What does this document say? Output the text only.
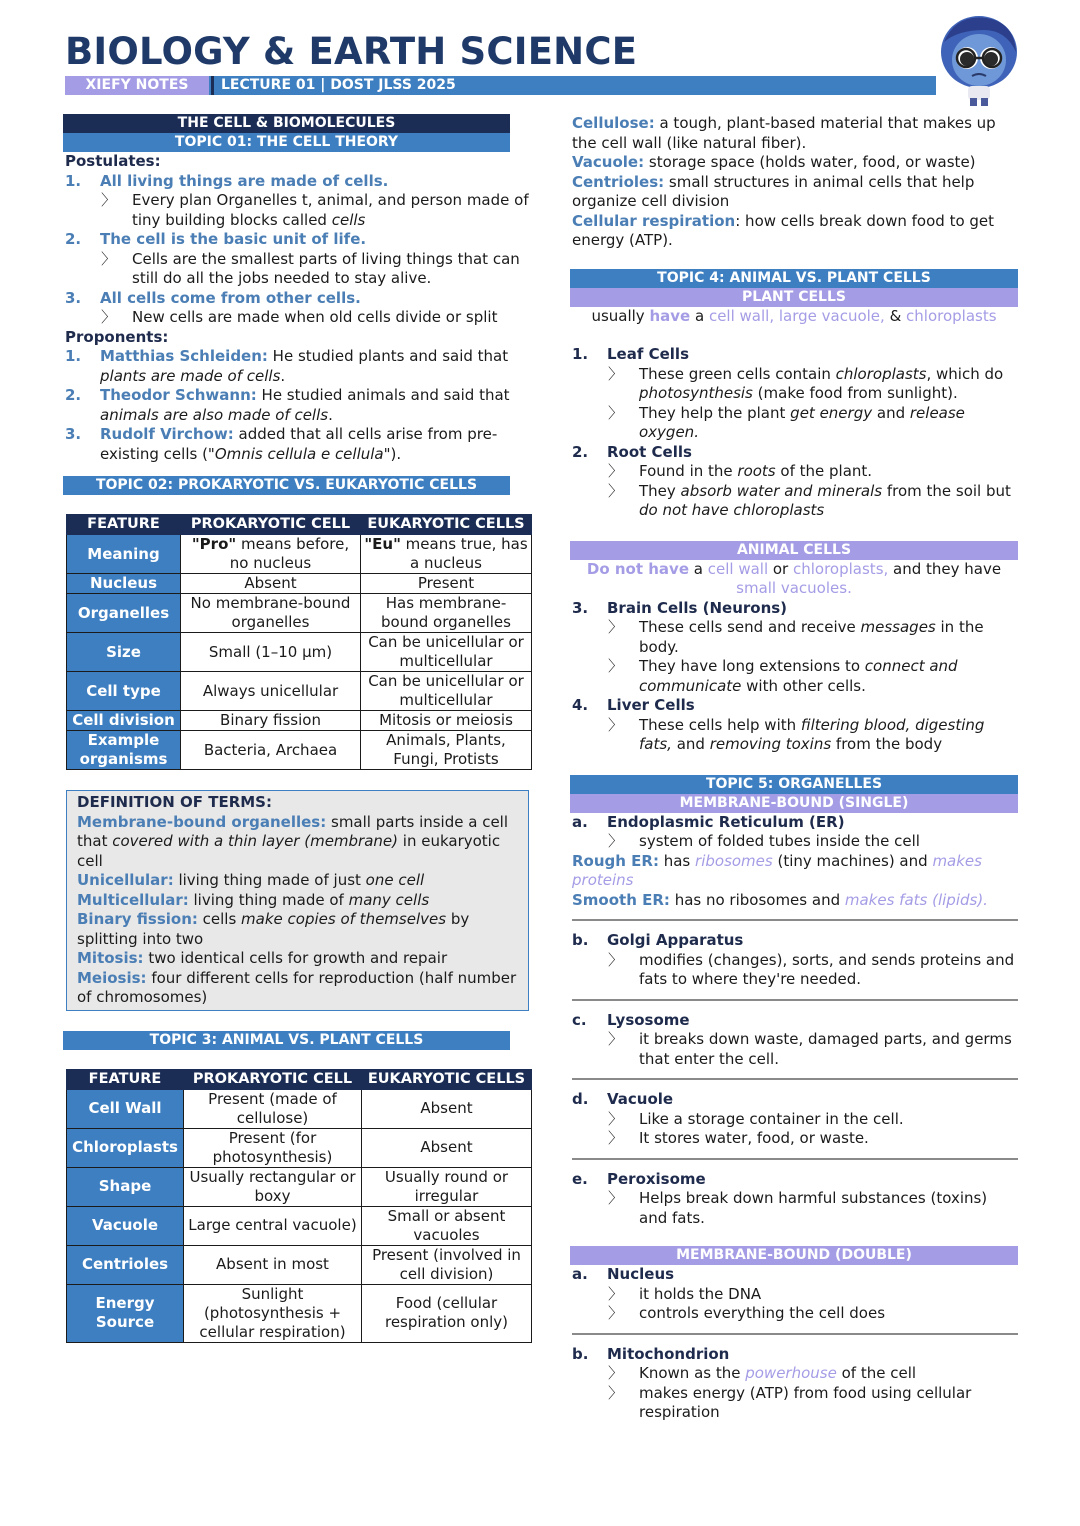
BIOLOGY & EARTH SCIENCE
XIEFY NOTES	LECTURE 01 | DOST JLSS 2025
THE CELL & BIOMOLECULES
TOPIC 01: THE CELL THEORY
Postulates:
1. All living things are made of cells.
〉 Every plan Organelles t, animal, and person made of tiny building blocks called cells
2. The cell is the basic unit of life.
〉 Cells are the smallest parts of living things that can still do all the jobs needed to stay alive.
3. All cells come from other cells.
〉 New cells are made when old cells divide or split
Proponents:
1. Matthias Schleiden: He studied plants and said that plants are made of cells.
2. Theodor Schwann: He studied animals and said that animals are also made of cells.
3. Rudolf Virchow: added that all cells arise from pre-existing cells ("Omnis cellula e cellula").
TOPIC 02: PROKARYOTIC VS. EUKARYOTIC CELLS
FEATURE	PROKARYOTIC CELL	EUKARYOTIC CELLS
Meaning	"Pro" means before, no nucleus	"Eu" means true, has a nucleus
Nucleus	Absent	Present
Organelles	No membrane-bound organelles	Has membrane-bound organelles
Size	Small (1–10 μm)	Can be unicellular or multicellular
Cell type	Always unicellular	Can be unicellular or multicellular
Cell division	Binary fission	Mitosis or meiosis
Example organisms	Bacteria, Archaea	Animals, Plants, Fungi, Protists
DEFINITION OF TERMS:
Membrane-bound organelles: small parts inside a cell that covered with a thin layer (membrane) in eukaryotic cell
Unicellular: living thing made of just one cell
Multicellular: living thing made of many cells
Binary fission: cells make copies of themselves by splitting into two
Mitosis: two identical cells for growth and repair
Meiosis: four different cells for reproduction (half number of chromosomes)
TOPIC 3: ANIMAL VS. PLANT CELLS
FEATURE	PROKARYOTIC CELL	EUKARYOTIC CELLS
Cell Wall	Present (made of cellulose)	Absent
Chloroplasts	Present (for photosynthesis)	Absent
Shape	Usually rectangular or boxy	Usually round or irregular
Vacuole	Large central vacuole)	Small or absent vacuoles
Centrioles	Absent in most	Present (involved in cell division)
Energy Source	Sunlight (photosynthesis + cellular respiration)	Food (cellular respiration only)
Cellulose: a tough, plant-based material that makes up the cell wall (like natural fiber).
Vacuole: storage space (holds water, food, or waste)
Centrioles: small structures in animal cells that help organize cell division
Cellular respiration: how cells break down food to get energy (ATP).
TOPIC 4: ANIMAL VS. PLANT CELLS
PLANT CELLS
usually have a cell wall, large vacuole, & chloroplasts
1. Leaf Cells
〉 These green cells contain chloroplasts, which do photosynthesis (make food from sunlight).
〉 They help the plant get energy and release oxygen.
2. Root Cells
〉 Found in the roots of the plant.
〉 They absorb water and minerals from the soil but do not have chloroplasts
ANIMAL CELLS
Do not have a cell wall or chloroplasts, and they have small vacuoles.
3. Brain Cells (Neurons)
〉 These cells send and receive messages in the body.
〉 They have long extensions to connect and communicate with other cells.
4. Liver Cells
〉 These cells help with filtering blood, digesting fats, and removing toxins from the body
TOPIC 5: ORGANELLES
MEMBRANE-BOUND (SINGLE)
a. Endoplasmic Reticulum (ER)
〉 system of folded tubes inside the cell
Rough ER: has ribosomes (tiny machines) and makes proteins
Smooth ER: has no ribosomes and makes fats (lipids).
b. Golgi Apparatus
〉 modifies (changes), sorts, and sends proteins and fats to where they're needed.
c. Lysosome
〉 it breaks down waste, damaged parts, and germs that enter the cell.
d. Vacuole
〉 Like a storage container in the cell.
〉 It stores water, food, or waste.
e. Peroxisome
〉 Helps break down harmful substances (toxins) and fats.
MEMBRANE-BOUND (DOUBLE)
a. Nucleus
〉 it holds the DNA
〉 controls everything the cell does
b. Mitochondrion
〉 Known as the powerhouse of the cell
〉 makes energy (ATP) from food using cellular respiration
